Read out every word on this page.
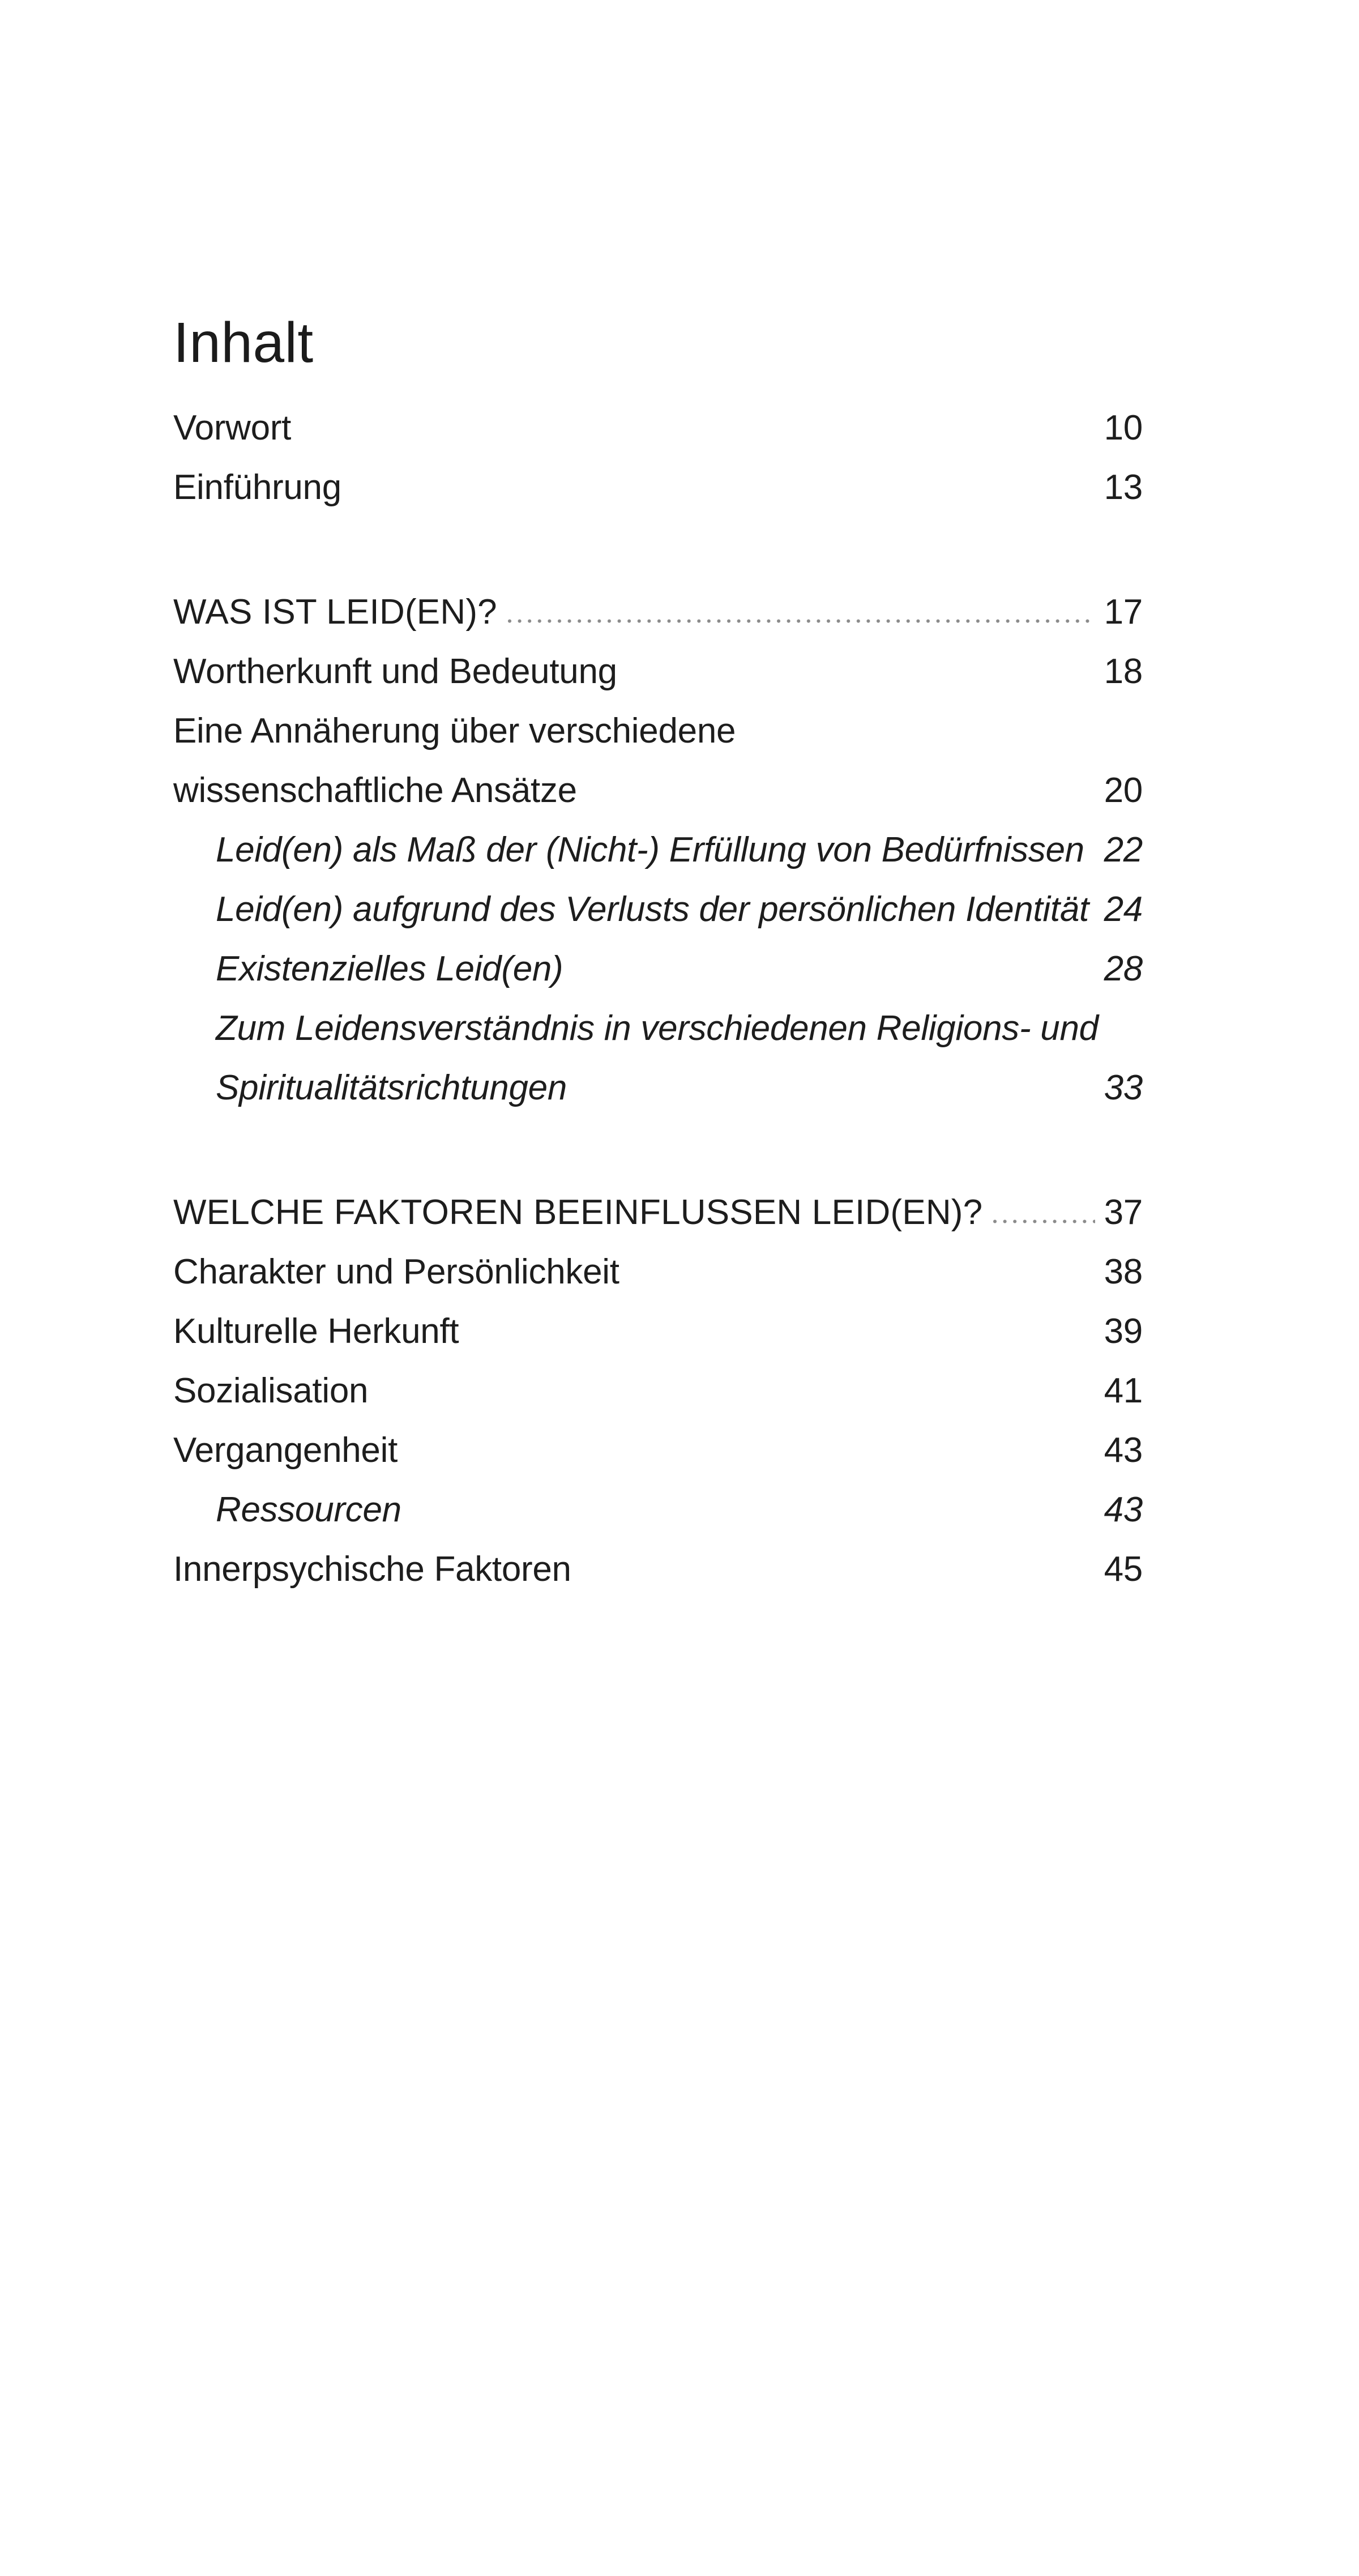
Inhalt
Vorwort	10
Einführung	13
WAS IST LEID(EN)?	17
Wortherkunft und Bedeutung	18
Eine Annäherung über verschiedene
wissenschaftliche Ansätze	20
Leid(en) als Maß der (Nicht-) Erfüllung von Bedürfnissen 22
Leid(en) aufgrund des Verlusts der persönlichen Identität 24
Existenzielles Leid(en)	28
Zum Leidensverständnis in verschiedenen Religions- und
Spiritualitätsrichtungen	33
WELCHE FAKTOREN BEEINFLUSSEN LEID(EN)?	37
Charakter und Persönlichkeit	38
Kulturelle Herkunft	39
Sozialisation	41
Vergangenheit	43
Ressourcen	43
Innerpsychische Faktoren	45
